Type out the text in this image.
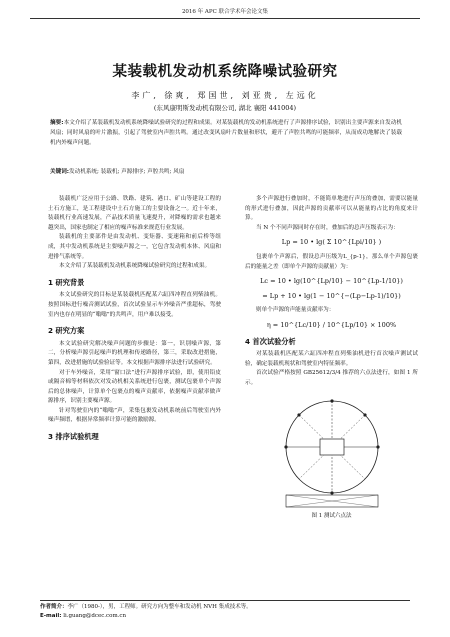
2016 年 APC 联合学术年会论文集
某装载机发动机系统降噪试验研究
李广, 徐爽, 郑国世, 刘亚贵, 左远化
(东风康明斯发动机有限公司, 湖北 襄阳 441004)
摘要:本文介绍了某装载机发动机系统降噪试验研究的过程和成果。对某装载机的发动机系统进行了声源排序试验，识别出主要声源来自发动机风扇；同时风扇的叶片激振，引起了驾驶室内声腔共鸣。通过改变风扇叶片数量和形状，避开了声腔共鸣的可能频率，从而成功地解决了装载机内外噪声问题。
关键词:发动机系统; 装载机; 声源排序; 声腔共鸣; 风扇

装载机广泛应用于公路、铁路、建筑、港口、矿山等建设工程的土石方施工，是工程建设中土石方施工的主要设备之一。近十年来，装载机行业高速发展，产品技术质量飞速提升，对降噪的需求也越来越突出，国家也制定了相应的噪声标准来规范行业发展。

装载机的主要部件是由发动机、变矩器、变速箱和前后桥等组成，其中发动机系统是主要噪声源之一，它包含发动机本体、风扇和进排气系统等。

本文介绍了某装载机发动机系统降噪试验研究的过程和成果。

1 研究背景

本文试验研究的目标是某装载机匹配某六缸四冲程直列柴油机。按照国标进行噪音测试试验，首次试验显示车外噪音严重超标，驾驶室内也存在明显的“嗡嗡”的共鸣声，用户难以接受。

2 研究方案

本文试验研究解决噪声问题的步骤是：第一，识别噪声源，第二，分析噪声源引起噪声的机理和传递路径，第三，采取改进措施，第四，改进措施的试验验证等。本文根据声源排序法进行试验研究。

对于车外噪音，采用“窗口法”进行声源排序试验，即，使用铅皮或隔音棉等材料依次对发动机相关系统进行包裹，测试包裹单个声源后的总体噪声，计算单个包裹点的噪声贡献率，依据噪声贡献率做声源排序，识别主要噪声源。

针对驾驶室内的“嗡嗡”声，采集包裹发动机系统前后驾驶室内外噪声频谱，根据异常频率计算可能的激励源。

3 排序试验机理

多个声源进行叠加时，不能简单地进行声压的叠加，需要以能量的形式进行叠加，因此声源的贡献率可以从能量的占比的角度来计算。

当 N 个不同声源同时存在时，叠加后的总声压级表示为：

Lp = 10 • lg( Σ 10^{Lpi/10} )

包裹单个声源后，假设总声压级为L_{p-1}，那么单个声源包裹后的能量之差（即单个声源的贡献量）为：

Lc = 10 • lg(10^{Lp/10} − 10^{Lp-1/10})
= Lp + 10 • lg(1 − 10^{−(Lp−Lp-1)/10})

则单个声源的声能量贡献率为：

η = 10^{Lc/10} / 10^{Lp/10} × 100%
4 首次试验分析

对某装载机匹配某六缸四冲程直列柴油机进行首次噪声测试试验，确定装载机现状和驾驶室内特征频率。

首次试验严格按照 GB25612/3/4 推荐的六点法进行，如图 1 所示。

图 1 测试六点法
作者简介：李广（1980-），男，工程师。研究方向为整车和发动机 NVH 集成技术等。
E-mail: li.guang@dcec.com.cn
